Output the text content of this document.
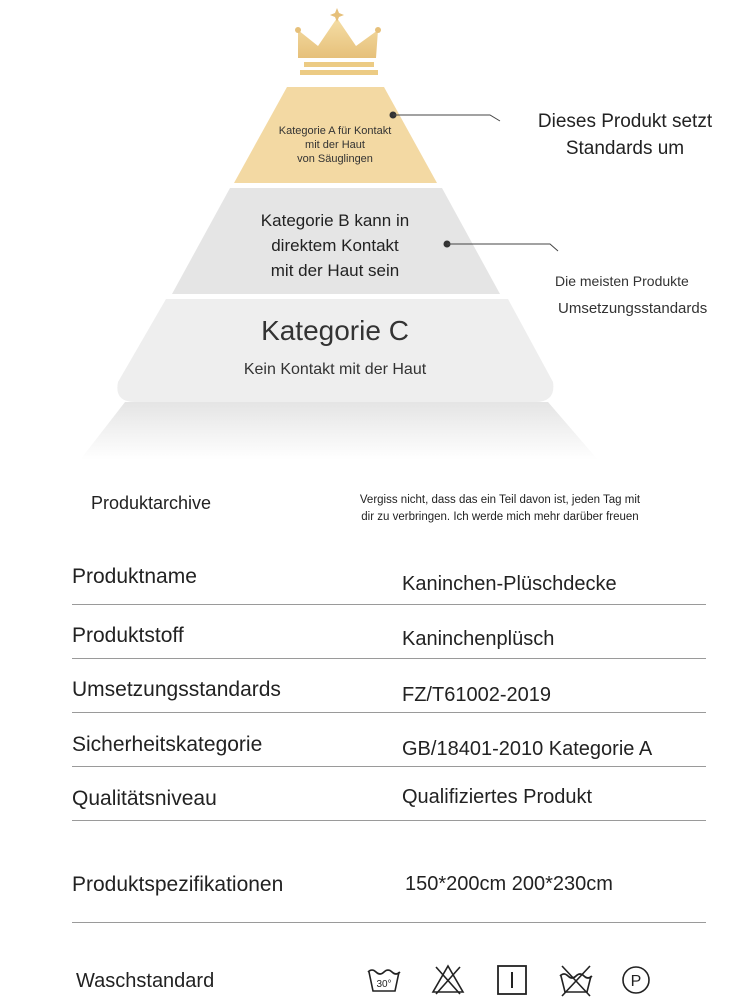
Kategorie A für Kontakt
mit der Haut
von Säuglingen
Kategorie B kann in
direktem Kontakt
mit der Haut sein
Kategorie C
Kein Kontakt mit der Haut
Dieses Produkt setzt
Standards um
Die meisten Produkte
Umsetzungsstandards
Produktarchive	Vergiss nicht, dass das ein Teil davon ist, jeden Tag mit
dir zu verbringen. Ich werde mich mehr darüber freuen
Produktname	Kaninchen-Plüschdecke
Produktstoff	Kaninchenplüsch
Umsetzungsstandards	FZ/T61002-2019
Sicherheitskategorie	GB/18401-2010 Kategorie A
Qualitätsniveau	Qualifiziertes Produkt
Produktspezifikationen	150*200cm 200*230cm
Waschstandard	30°	P
